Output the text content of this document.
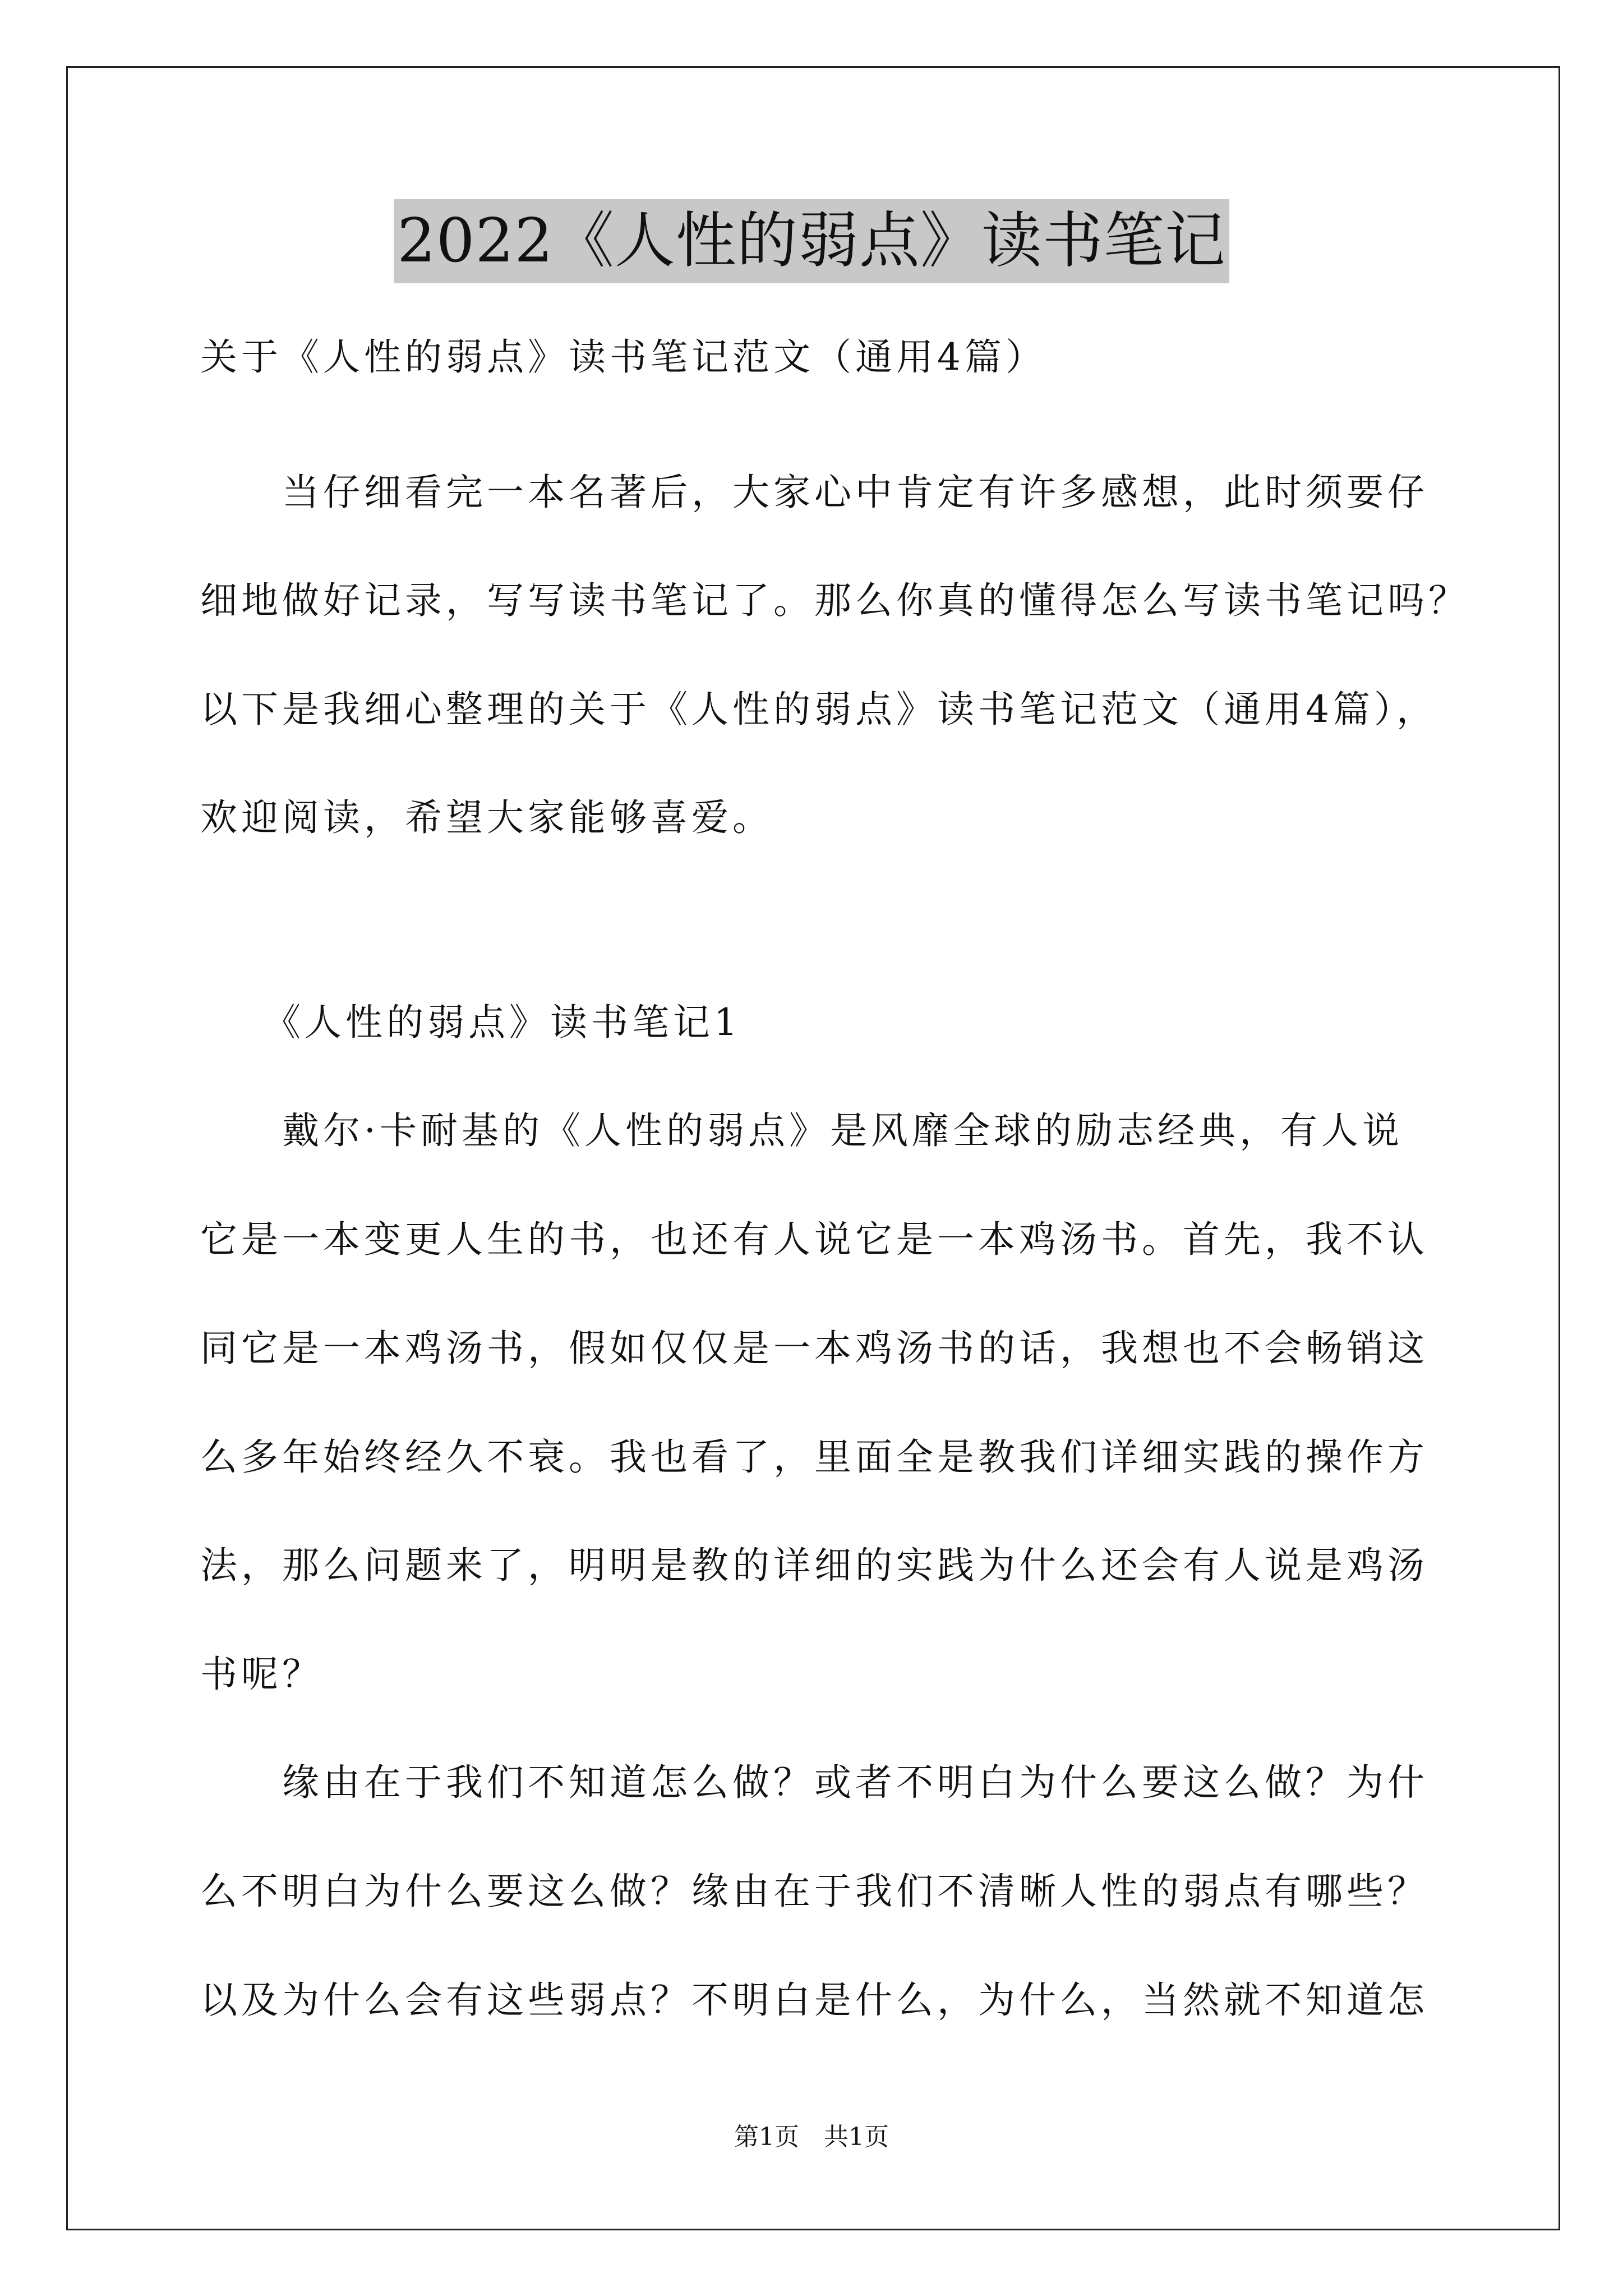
2022《人性的弱点》读书笔记
关于《人性的弱点》读书笔记范文（通用4篇）
　　当仔细看完一本名著后，大家心中肯定有许多感想，此时须要仔
细地做好记录，写写读书笔记了。那么你真的懂得怎么写读书笔记吗？
以下是我细心整理的关于《人性的弱点》读书笔记范文（通用4篇），
欢迎阅读，希望大家能够喜爱。
　　《人性的弱点》读书笔记1
　　戴尔·卡耐基的《人性的弱点》是风靡全球的励志经典，有人说
它是一本变更人生的书，也还有人说它是一本鸡汤书。首先，我不认
同它是一本鸡汤书，假如仅仅是一本鸡汤书的话，我想也不会畅销这
么多年始终经久不衰。我也看了，里面全是教我们详细实践的操作方
法，那么问题来了，明明是教的详细的实践为什么还会有人说是鸡汤
书呢？
　　缘由在于我们不知道怎么做？或者不明白为什么要这么做？为什
么不明白为什么要这么做？缘由在于我们不清晰人性的弱点有哪些？
以及为什么会有这些弱点？不明白是什么，为什么，当然就不知道怎
第1页　共1页
